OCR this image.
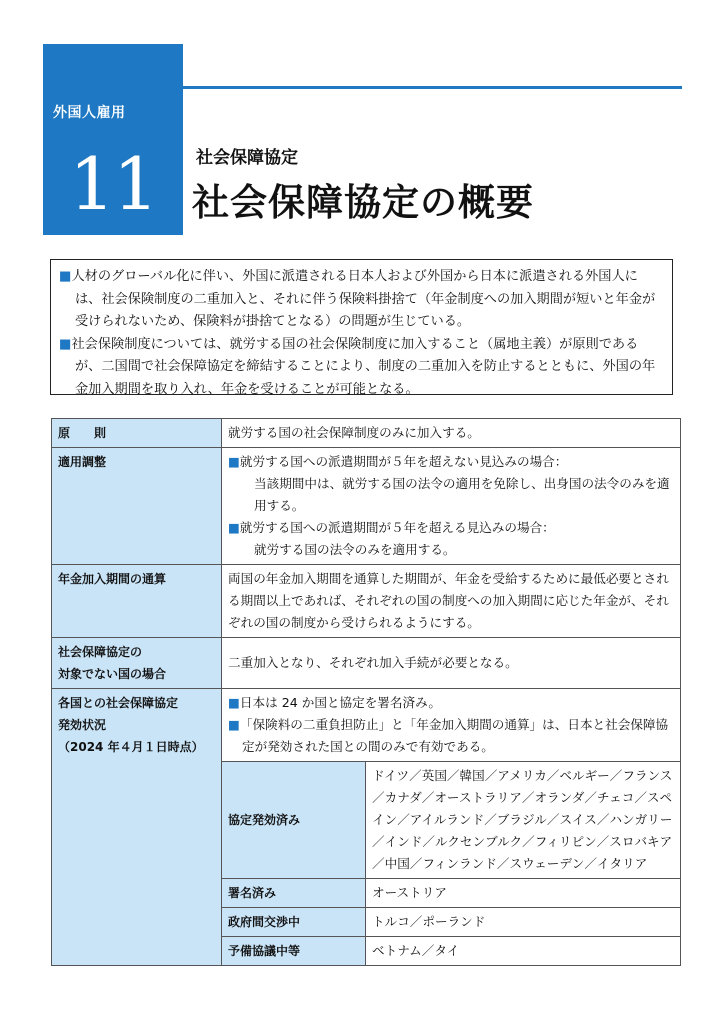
外国人雇用
11	社会保障協定
社会保障協定の概要

■人材のグローバル化に伴い、外国に派遣される日本人および外国から日本に派遣される外国人には、社会保険制度の二重加入と、それに伴う保険料掛捨て（年金制度への加入期間が短いと年金が受けられないため、保険料が掛捨てとなる）の問題が生じている。

■社会保険制度については、就労する国の社会保険制度に加入すること（属地主義）が原則であるが、二国間で社会保障協定を締結することにより、制度の二重加入を防止するとともに、外国の年金加入期間を取り入れ、年金を受けることが可能となる。

原　　則	就労する国の社会保障制度のみに加入する。
適用調整	■就労する国への派遣期間が５年を超えない見込みの場合：

当該期間中は、就労する国の法令の適用を免除し、出身国の法令のみを適用する。

■就労する国への派遣期間が５年を超える見込みの場合：

就労する国の法令のみを適用する。

年金加入期間の通算	両国の年金加入期間を通算した期間が、年金を受給するために最低必要とされる期間以上であれば、それぞれの国の制度への加入期間に応じた年金が、それぞれの国の制度から受けられるようにする。

社会保障協定の
対象でない国の場合
	二重加入となり、それぞれ加入手続が必要となる。

各国との社会保障協定
発効状況
（2024 年４月１日時点）

■日本は 24 か国と協定を署名済み。

■「保険料の二重負担防止」と「年金加入期間の通算」は、日本と社会保障協定が発効された国との間のみで有効である。

協定発効済み	ドイツ／英国／韓国／アメリカ／ベルギー／フランス／カナダ／オーストラリア／オランダ／チェコ／スペイン／アイルランド／ブラジル／スイス／ハンガリー／インド／ルクセンブルク／フィリピン／スロバキア／中国／フィンランド／スウェーデン／イタリア
署名済み	オーストリア
政府間交渉中	トルコ／ポーランド
予備協議中等	ベトナム／タイ
